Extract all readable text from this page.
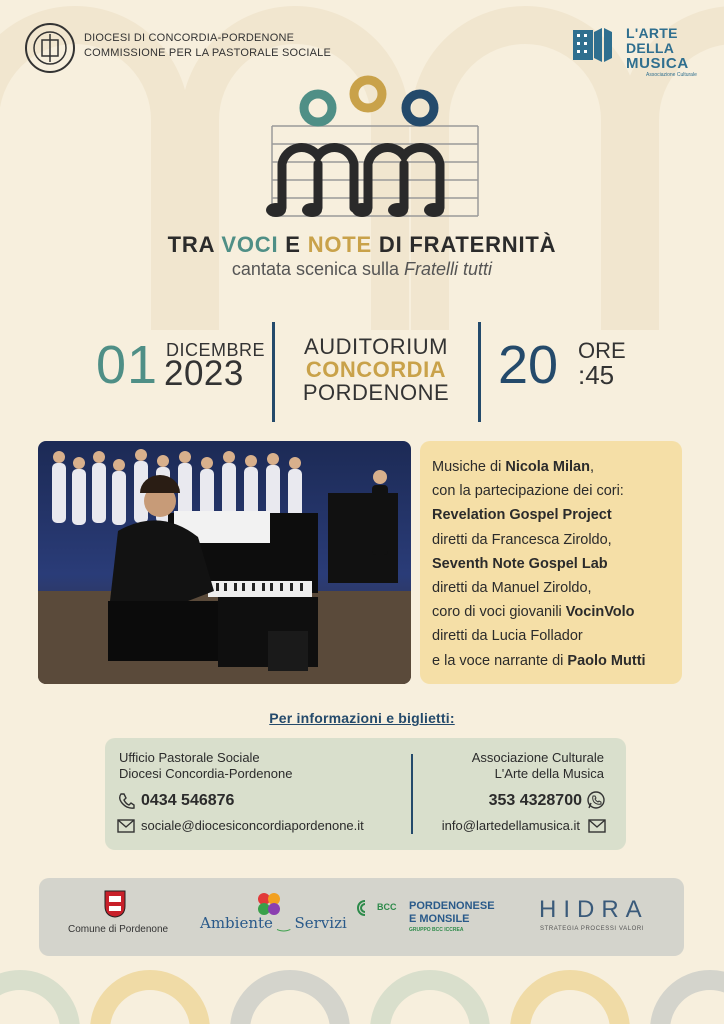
DIOCESI DI CONCORDIA-PORDENONE
COMMISSIONE PER LA PASTORALE SOCIALE
L'ARTE DELLA
MUSICA
Associazione Culturale
TRA VOCI E NOTE DI FRATERNITÀ
cantata scenica sulla Fratelli tutti
01 DICEMBRE
2023
AUDITORIUM
CONCORDIA
PORDENONE 20 ORE
:45
Musiche di Nicola Milan,
con la partecipazione dei cori:
Revelation Gospel Project
diretti da Francesca Ziroldo,
Seventh Note Gospel Lab
diretti da Manuel Ziroldo,
coro di voci giovanili VocinVolo
diretti da Lucia Follador
e la voce narrante di Paolo Mutti
Per informazioni e biglietti:
Ufficio Pastorale Sociale
Diocesi Concordia-Pordenone
0434 546876
sociale@diocesiconcordiapordenone.it
Associazione Culturale
L'Arte della Musica
353 4328700
info@lartedellamusica.it
Comune di Pordenone Ambiente ‿ Servizi
BCC PORDENONESE
E MONSILE
GRUPPO BCC ICCREA
HIDRA
STRATEGIA PROCESSI VALORI
